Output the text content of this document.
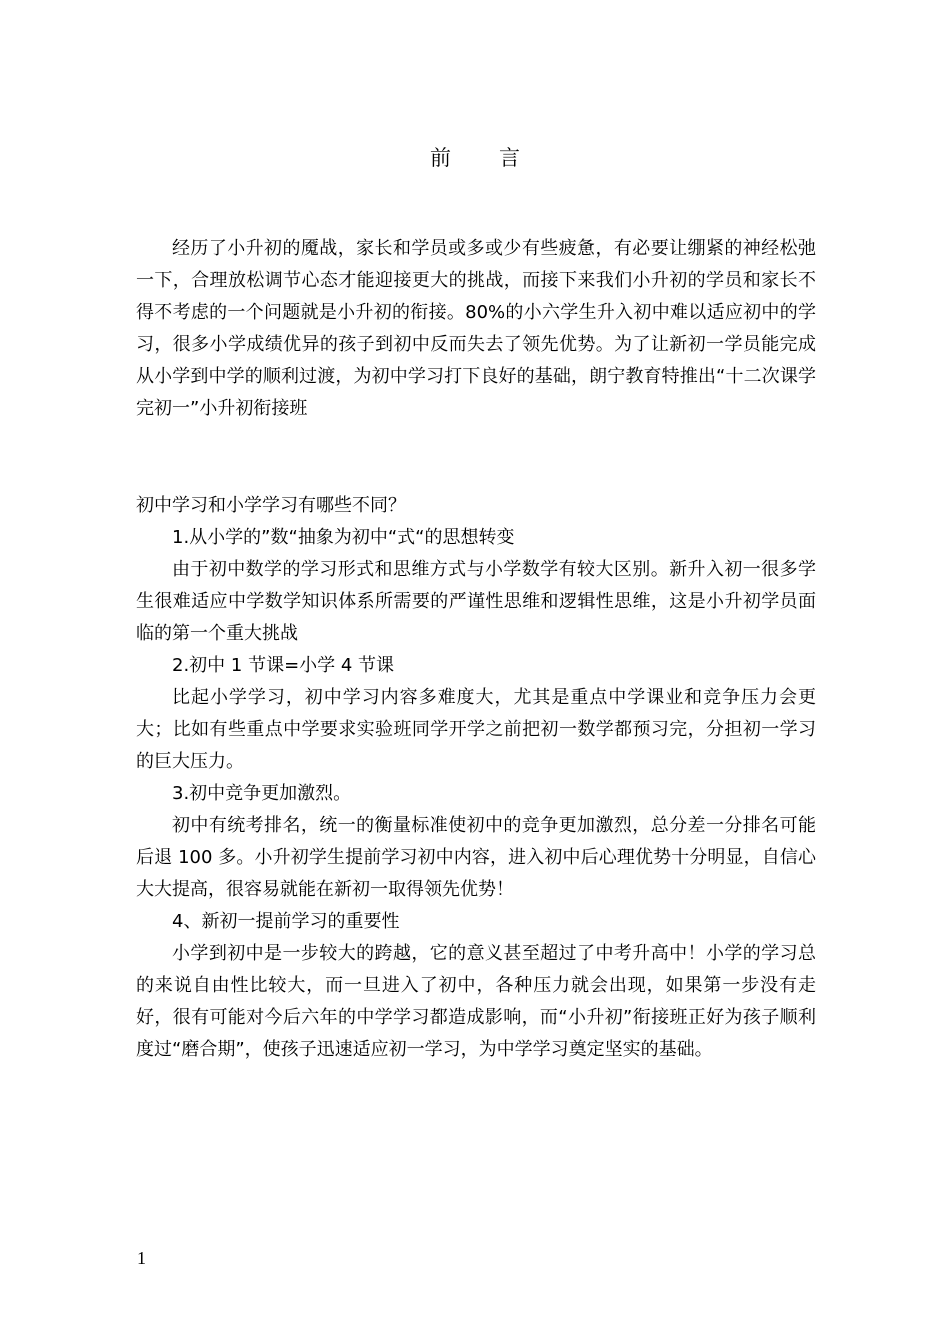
前言

经历了小升初的魇战，家长和学员或多或少有些疲惫，有必要让绷紧的神经松弛一下，合理放松调节心态才能迎接更大的挑战，而接下来我们小升初的学员和家长不得不考虑的一个问题就是小升初的衔接。80%的小六学生升入初中难以适应初中的学习，很多小学成绩优异的孩子到初中反而失去了领先优势。为了让新初一学员能完成从小学到中学的顺利过渡，为初中学习打下良好的基础，朗宁教育特推出“十二次课学完初一”小升初衔接班

初中学习和小学学习有哪些不同？

1.从小学的”数“抽象为初中“式“的思想转变

由于初中数学的学习形式和思维方式与小学数学有较大区别。新升入初一很多学生很难适应中学数学知识体系所需要的严谨性思维和逻辑性思维，这是小升初学员面临的第一个重大挑战

2.初中 1 节课=小学 4 节课

比起小学学习，初中学习内容多难度大，尤其是重点中学课业和竞争压力会更大；比如有些重点中学要求实验班同学开学之前把初一数学都预习完，分担初一学习的巨大压力。

3.初中竞争更加激烈。

初中有统考排名，统一的衡量标准使初中的竞争更加激烈，总分差一分排名可能后退 100 多。小升初学生提前学习初中内容，进入初中后心理优势十分明显，自信心大大提高，很容易就能在新初一取得领先优势！

4、新初一提前学习的重要性

小学到初中是一步较大的跨越，它的意义甚至超过了中考升高中！小学的学习总的来说自由性比较大，而一旦进入了初中，各种压力就会出现，如果第一步没有走好，很有可能对今后六年的中学学习都造成影响，而“小升初”衔接班正好为孩子顺利度过“磨合期”，使孩子迅速适应初一学习，为中学学习奠定坚实的基础。

1
